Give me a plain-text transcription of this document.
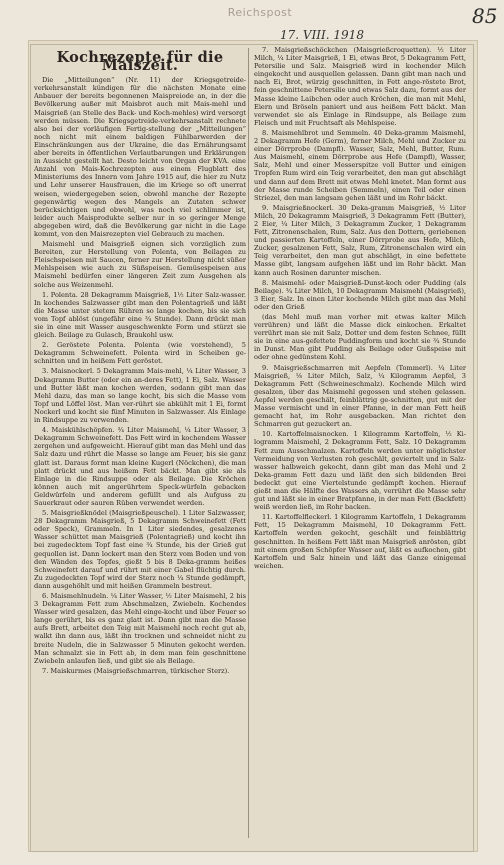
Reichspost	85
17. VIII. 1918
Kochrezepte für die Maiszeit.

Die „Mitteilungen“ (Nr. 11) der Kriegsgetreide-verkehrsanstalt kündigen für die nächsten Monate eine Anbauer der bereits begonnenen Maispreiode an, in der die Bevölkerung außer mit Maisbrot auch mit Mais-mehl und Maisgrieß (an Stelle des Back- und Koch-mehles) wird versorgt werden müssen. Die Kriegsgetreide-verkehrsanstalt rechnete also bei der vorläufigen Fertig-stellung der „Mitteilungen“ noch nicht mit einem baldigen Fühlbarwerden der Einschränkungen aus der Ukraine, die das Ernährungsamt aber bereits in öffentlichen Verlautbarungen und Erklärungen in Aussicht gestellt hat. Desto leicht von Organ der KVA. eine Anzahl von Mais-Kochrezepten aus einem Flugblatt des Ministeriums des Innern vom Jahre 1915 auf, die hier zu Nutz und Lehr unserer Hausfrauen, die im Kriege so oft unerrat weisen, wiedergegeben seien, obwohl manche der Rezepte gegenwärtig wegen des Mangels an Zutaten schwer berücksichtigen und obwohl, was noch viel schlimmer ist, leider auch Maisprodukte selber nur in so geringer Menge abgegeben wird, daß die Bevölkerung gar nicht in die Lage kommt, von den Maisrezepten viel Gebrauch zu machen.

Maismehl und Maisgrieß eignen sich vorzüglich zum Bereiten, zur Herstellung von Polenta, von Beilagen zu Fleischspeisen mit Saucen, ferner zur Herstellung nicht süßer Mehlspeisen wie auch zu Süßspeisen. Gemüsespeisen aus Maismehl bedürfen einer längeren Zeit zum Ausgehen als solche aus Weizenmehl.

1. Polenta. 28 Dekagramm Maisgrieß, 1½ Liter Salz-wasser. In kochendes Salzwasser gibt man den Polentagrieß und läßt die Masse unter stetem Rühren so lange kochen, bis sie sich vom Topf ablöst (ungefähr eine ¾ Stunde). Dann drückt man sie in eine mit Wasser ausgeschwenkte Form und stürzt sie gleich. Beilage zu Gulasch, Braukohl usw.

2. Geröstete Polenta. Polenta (wie vorstehend), 5 Dekagramm Schweinefett. Polenta wird in Scheiben ge-schnitten und in heißem Fett geröstet.

3. Maisnockerl. 5 Dekagramm Mais-mehl, ¼ Liter Wasser, 3 Dekagramm Butter (oder ein an-deres Fett), 1 Ei, Salz. Wasser und Butter läßt man kochen werden, sodann gibt man das Mehl dazu, das man so lange kocht, bis sich die Masse vom Topf und Löffel löst. Man ver-rührt sie abkühlt mit 1 Ei, formt Nockerl und kocht sie fünf Minuten in Salzwasser. Als Einlage in Rindsuppe zu verwenden.

4. Maiskühlschöpfen. ¾ Liter Maismehl, ¼ Liter Wasser, 3 Dekagramm Schweinefett. Das Fett wird in kochendem Wasser zergehen und aufgeweicht. Hierauf gibt man das Mehl und das Salz dazu und rührt die Masse so lange am Feuer, bis sie ganz glatt ist. Daraus formt man kleine Kugerl (Nöckchen), die man platt drückt und aus heißem Fett bäckt. Man gibt sie als Einlage in die Rindsuppe oder als Beilage. Die Kröchen können auch mit angerührtem Speck-würfeln gebacken Geldwürfeln und anderem gefüllt und als Aufguss zu Sauerkraut oder sauren Rüben verwendet werden.

5. Maisgrießknödel (Maisgrießpeuschel). 1 Liter Salzwasser, 28 Dekagramm Maisgrieß, 5 Dekagramm Schweinefett (Fett oder Speck), Grammeln. In 1 Liter siedendes, gesalzenes Wasser schüttet man Maisgrieß (Polentagrieß) und kocht ihn bei zugedecktem Topf fast eine ¾ Stunde, bis der Grieß gut gequollen ist. Dann lockert man den Sterz vom Boden und von den Wänden des Topfes, gießt 5 bis 8 Deka-gramm heißes Schweinefett darauf und rührt mit einer Gabel flüchtig durch. Zu zugedeckten Topf wird der Sterz noch ¼ Stunde gedämpft, dann ausgehöhlt und mit heißen Grammeln bestreut.

6. Maismehlnudeln. ¼ Liter Wasser, ½ Liter Maismehl, 2 bis 3 Dekagramm Fett zum Abschmalzen, Zwiebeln. Kochendes Wasser wird gesalzen, das Mehl einge-kocht und über Feuer so lange gerührt, bis es ganz glatt ist. Dann gibt man die Masse aufs Brett, arbeitet den Teig mit Maismehl noch recht gut ab, walkt ihn dann aus, läßt ihn trocknen und schneidet nicht zu breite Nudeln, die in Salzwasser 5 Minuten gekocht werden. Man schmalzt sie in Fett ab, in dem man fein geschnittene Zwiebeln anlaufen ließ, und gibt sie als Beilage.

7. Maiskurmes (Maisgrießschmarren, türkischer Sterz).

7. Maisgrießschöckchen (Maisgrießcroquetten). ½ Liter Milch, ¼ Liter Maisgrieß, 1 Ei, etwas Brot, 5 Dekagramm Fett, Petersilie und Salz. Maisgrieß wird in kochender Milch eingekocht und ausquellen gelassen. Dann gibt man nach und nach Ei, Brot, würzig geschnitten, in Fett ange-röstete Brot, fein geschnittene Petersilie und etwas Salz dazu, formt aus der Masse kleine Laibchen oder auch Kröchen, die man mit Mehl, Eiern und Bröseln paniert und aus heißem Fett bäckt. Man verwendet sie als Einlage in Rindsuppe, als Beilage zum Fleisch und mit Fruchtsaft als Mehlspeise.

8. Maismehlbrot und Semmeln. 40 Deka-gramm Maismehl, 2 Dekagramm Hefe (Germ), ferner Milch, Mehl und Zucker zu einer Dörrprobe (Dampfl). Wasser, Salz, Mehl, Butter, Rum. Aus Maismehl, einem Dörrprobe aus Hefe (Dampfl), Wasser, Salz, Mehl und einer Messerspitze voll Butter und einigen Tropfen Rum wird ein Teig verarbeitet, den man gut abschlägt und dann auf dem Brett mit etwas Mehl knetet. Man formt aus der Masse runde Scheiben (Semmeln), einen Teil oder einen Striezel, den man langsam gehen läßt und im Rohr bäckt.

9. Maisgrießnockerl. 30 Deka-gramm Maisgrieß, ½ Liter Milch, 20 Dekagramm Maisgrieß, 3 Dekagramm Fett (Butter), 2 Eier, ¼ Liter Milch, 3 Dekagramm Zucker, 1 Dekagramm Fett, Zitronenschalen, Rum, Salz. Aus den Dottern, geriebenen und passierten Kartoffeln, einer Dörrprobe aus Hefe, Milch, Zucker, gesalzenen Fett, Salz, Rum, Zitronenschalen wird ein Teig verarbeitet, den man gut abschlägt, in eine befettete Masse gibt, langsam aufgehen läßt und im Rohr bäckt. Man kann auch Rosinen darunter mischen.

8. Maismehl- oder Maisgrieß-Dunst-koch oder Pudding (als Beilage). ¾ Liter Milch, 10 Dekagramm Maismehl (Maisgrieß), 3 Eier, Salz. In einen Liter kochende Milch gibt man das Mehl oder den Grieß

(das Mehl muß man vorher mit etwas kalter Milch verrühren) und läßt die Masse dick einkochen. Erkaltet verrührt man sie mit Salz, Dotter und dem festen Schnee, füllt sie in eine aus-gefettete Puddingform und kocht sie ¾ Stunde in Dunst. Man gibt Pudding als Beilage oder Gußspeise mit oder ohne gedünstem Kohl.

9. Maisgrießschmarren mit Aepfeln (Tommerl). ¼ Liter Maisgrieß, ⅛ Liter Milch, Salz, ¼ Kilogramm Aepfel, 3 Dekagramm Fett (Schweineschmalz). Kochende Milch wird gesalzen, über das Maismehl gegossen und stehen gelassen. Aepfel werden geschält, feinblättrig ge-schnitten, gut mit der Masse vermischt und in einer Pfanne, in der man Fett heiß gemacht hat, im Rohr ausgebacken. Man richtet den Schmarren gut gezuckert an.

10. Kartoffelmaisnocken. 1 Kilogramm Kartoffeln, ½ Ki-logramm Maismehl, 2 Dekagramm Fett, Salz. 10 Dekagramm Fett zum Ausschmalzen. Kartoffeln werden unter möglichster Vermeidung von Verlusten roh geschält, geviertelt und in Salz-wasser halbweich gekocht, dann gibt man das Mehl und 2 Deka-gramm Fett dazu und läßt den sich bildenden Brei bedeckt gut eine Viertelstunde gedämpft kochen. Hierauf gießt man die Hälfte des Wassers ab, verrührt die Masse sehr gut und läßt sie in einer Bratpfanne, in der man Fett (Backfett) weiß werden ließ, im Rohr backen.

11. Kartoffelfleckerl. 1 Kilogramm Kartoffeln, 1 Dekagramm Fett, 15 Dekagramm Maismehl, 10 Dekagramm Fett. Kartoffeln werden gekocht, geschält und feinblättrig geschnitten. In heißem Fett läßt man Maisgrieß anrösten, gibt mit einem großen Schöpfer Wasser auf, läßt es aufkochen, gibt Kartoffeln und Salz hinein und läßt das Ganze einigemal weichen.
